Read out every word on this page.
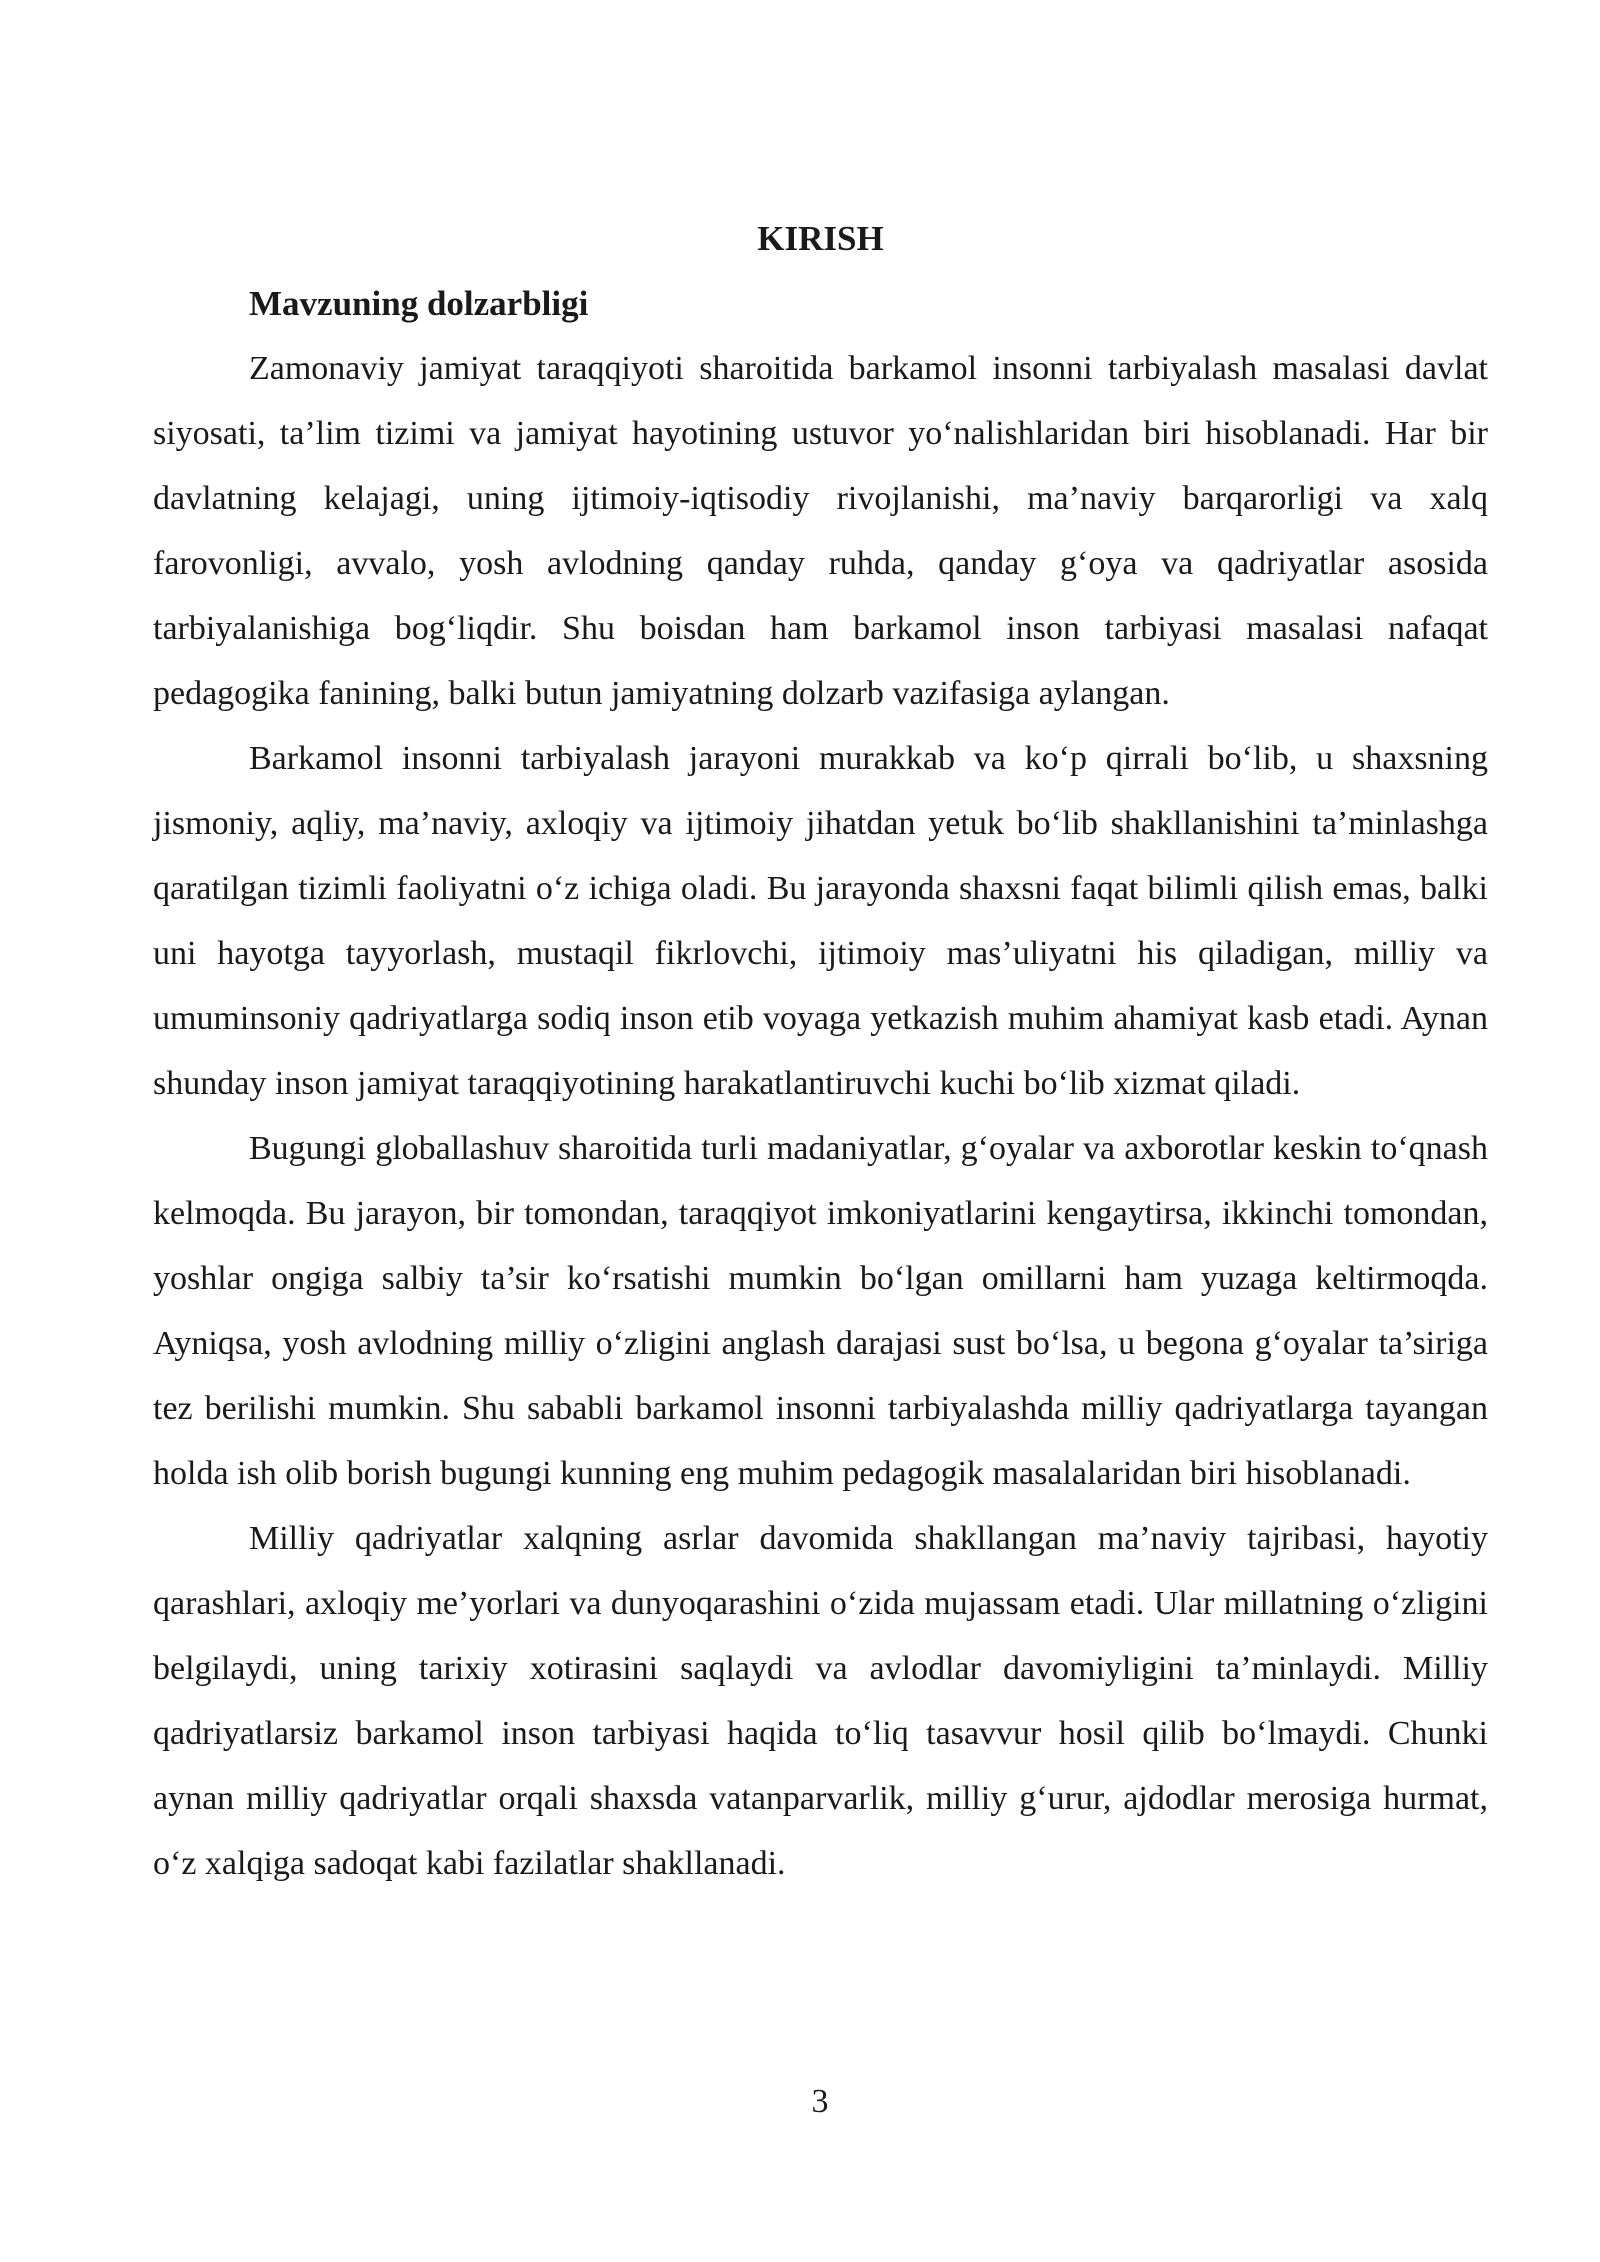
KIRISH
Mavzuning dolzarbligi

Zamonaviy jamiyat taraqqiyoti sharoitida barkamol insonni tarbiyalash masalasi davlat siyosati, ta’lim tizimi va jamiyat hayotining ustuvor yo‘nalishlaridan biri hisoblanadi. Har bir davlatning kelajagi, uning ijtimoiy-iqtisodiy rivojlanishi, ma’naviy barqarorligi va xalq farovonligi, avvalo, yosh avlodning qanday ruhda, qanday g‘oya va qadriyatlar asosida tarbiyalanishiga bog‘liqdir. Shu boisdan ham barkamol inson tarbiyasi masalasi nafaqat pedagogika fanining, balki butun jamiyatning dolzarb vazifasiga aylangan.

Barkamol insonni tarbiyalash jarayoni murakkab va ko‘p qirrali bo‘lib, u shaxsning jismoniy, aqliy, ma’naviy, axloqiy va ijtimoiy jihatdan yetuk bo‘lib shakllanishini ta’minlashga qaratilgan tizimli faoliyatni o‘z ichiga oladi. Bu jarayonda shaxsni faqat bilimli qilish emas, balki uni hayotga tayyorlash, mustaqil fikrlovchi, ijtimoiy mas’uliyatni his qiladigan, milliy va umuminsoniy qadriyatlarga sodiq inson etib voyaga yetkazish muhim ahamiyat kasb etadi. Aynan shunday inson jamiyat taraqqiyotining harakatlantiruvchi kuchi bo‘lib xizmat qiladi.

Bugungi globallashuv sharoitida turli madaniyatlar, g‘oyalar va axborotlar keskin to‘qnash kelmoqda. Bu jarayon, bir tomondan, taraqqiyot imkoniyatlarini kengaytirsa, ikkinchi tomondan, yoshlar ongiga salbiy ta’sir ko‘rsatishi mumkin bo‘lgan omillarni ham yuzaga keltirmoqda. Ayniqsa, yosh avlodning milliy o‘zligini anglash darajasi sust bo‘lsa, u begona g‘oyalar ta’siriga tez berilishi mumkin. Shu sababli barkamol insonni tarbiyalashda milliy qadriyatlarga tayangan holda ish olib borish bugungi kunning eng muhim pedagogik masalalaridan biri hisoblanadi.

Milliy qadriyatlar xalqning asrlar davomida shakllangan ma’naviy tajribasi, hayotiy qarashlari, axloqiy me’yorlari va dunyoqarashini o‘zida mujassam etadi. Ular millatning o‘zligini belgilaydi, uning tarixiy xotirasini saqlaydi va avlodlar davomiyligini ta’minlaydi. Milliy qadriyatlarsiz barkamol inson tarbiyasi haqida to‘liq tasavvur hosil qilib bo‘lmaydi. Chunki aynan milliy qadriyatlar orqali shaxsda vatanparvarlik, milliy g‘urur, ajdodlar merosiga hurmat, o‘z xalqiga sadoqat kabi fazilatlar shakllanadi.

3
